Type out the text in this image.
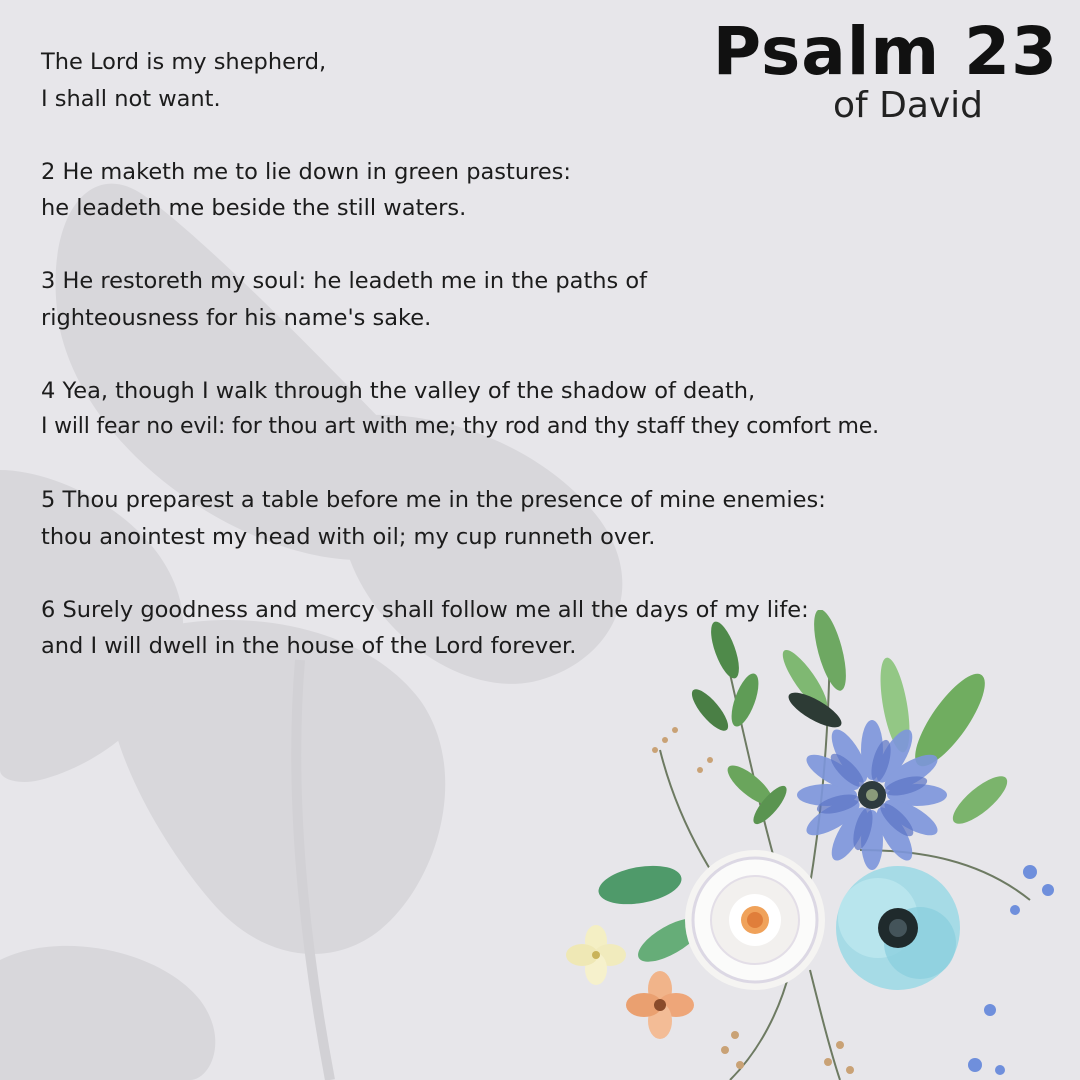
Psalm 23
of David

The Lord is my shepherd,
I shall not want.

2 He maketh me to lie down in green pastures:
he leadeth me beside the still waters.

3 He restoreth my soul: he leadeth me in the paths of
righteousness for his name's sake.

4 Yea, though I walk through the valley of the shadow of death,
I will fear no evil: for thou art with me; thy rod and thy staff they comfort me.

5 Thou preparest a table before me in the presence of mine enemies:
thou anointest my head with oil; my cup runneth over.

6 Surely goodness and mercy shall follow me all the days of my life:
and I will dwell in the house of the Lord forever.
